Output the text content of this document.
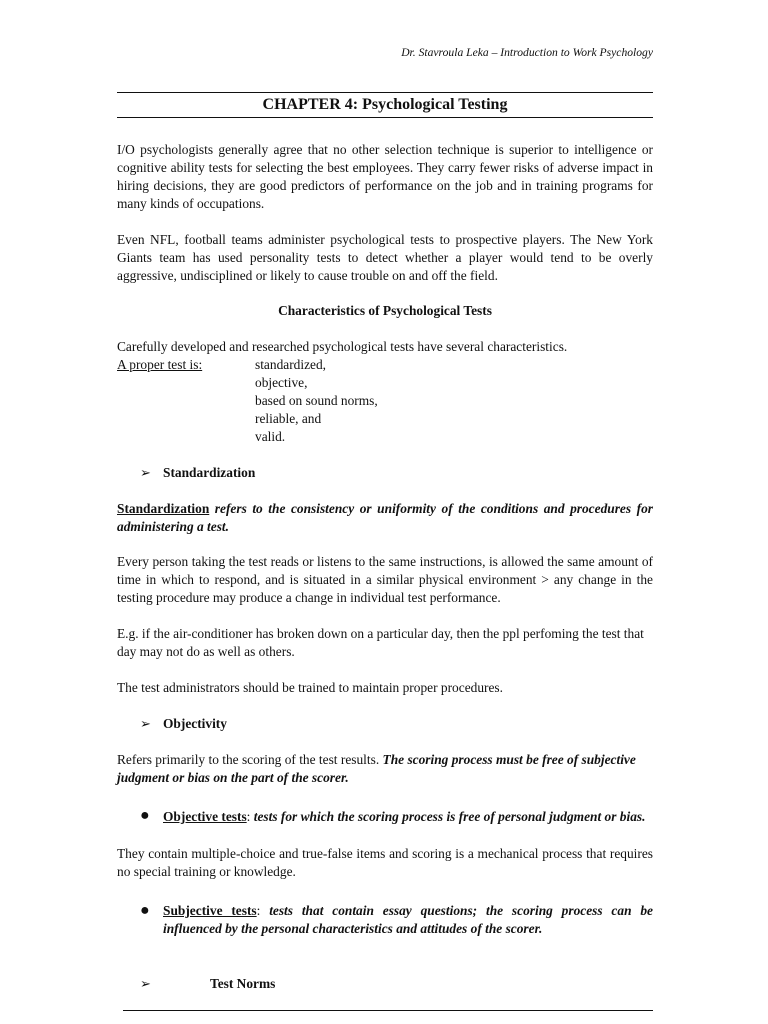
Dr. Stavroula Leka – Introduction to Work Psychology
CHAPTER 4: Psychological Testing

I/O psychologists generally agree that no other selection technique is superior to intelligence or cognitive ability tests for selecting the best employees. They carry fewer risks of adverse impact in hiring decisions, they are good predictors of performance on the job and in training programs for many kinds of occupations.

Even NFL, football teams administer psychological tests to prospective players. The New York Giants team has used personality tests to detect whether a player would tend to be overly aggressive, undisciplined or likely to cause trouble on and off the field.

Characteristics of Psychological Tests
Carefully developed and researched psychological tests have several characteristics.
A proper test is:	standardized,
objective,
based on sound norms,
reliable, and
valid.
➢ Standardization

Standardization refers to the consistency or uniformity of the conditions and procedures for administering a test.

Every person taking the test reads or listens to the same instructions, is allowed the same amount of time in which to respond, and is situated in a similar physical environment > any change in the testing procedure may produce a change in individual test performance.

E.g. if the air-conditioner has broken down on a particular day, then the ppl perfoming the test that day may not do as well as others.

The test administrators should be trained to maintain proper procedures.

➢ Objectivity

Refers primarily to the scoring of the test results. The scoring process must be free of subjective judgment or bias on the part of the scorer.

● Objective tests: tests for which the scoring process is free of personal judgment or bias.

They contain multiple-choice and true-false items and scoring is a mechanical process that requires no special training or knowledge.

● Subjective tests: tests that contain essay questions; the scoring process can be influenced by the personal characteristics and attitudes of the scorer.

➢	Test Norms
